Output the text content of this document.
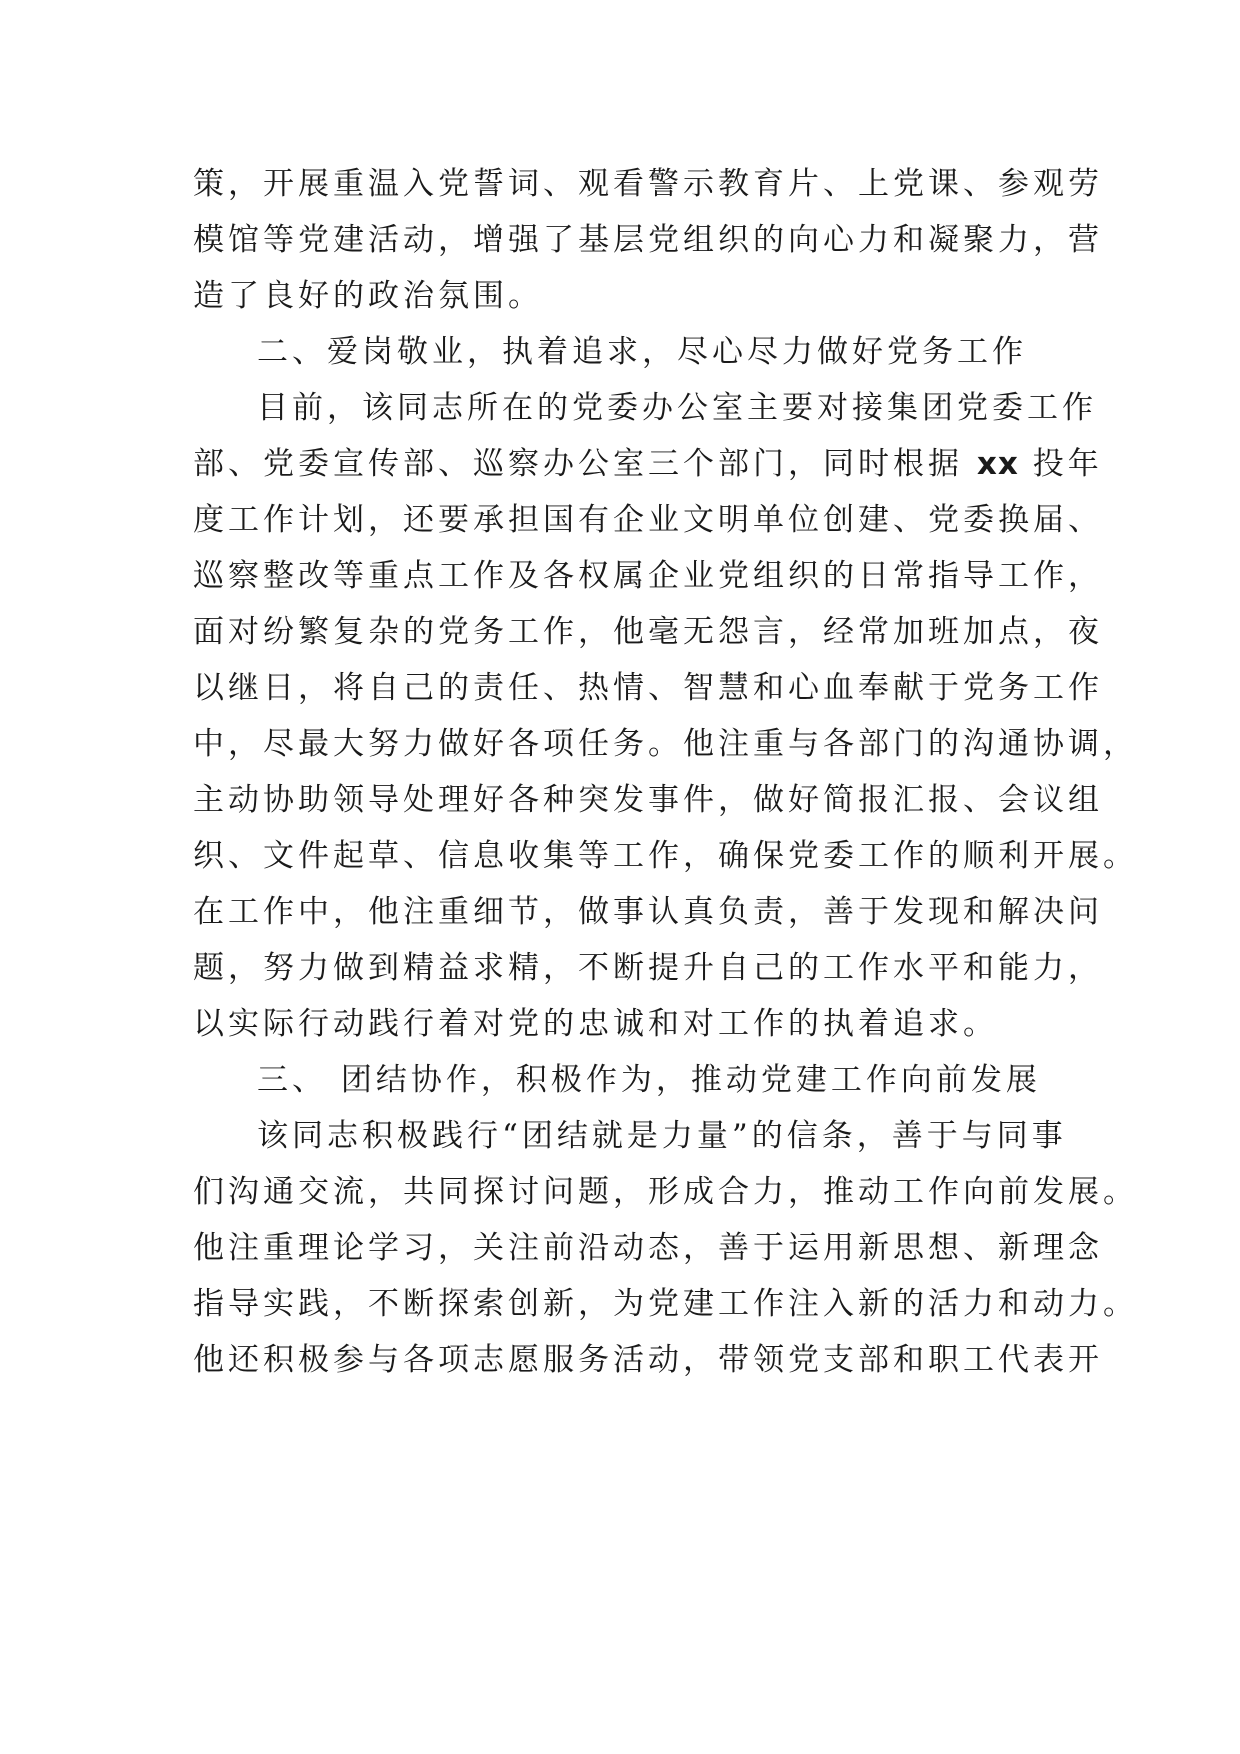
策，开展重温入党誓词、观看警示教育片、上党课、参观劳
模馆等党建活动，增强了基层党组织的向心力和凝聚力，营
造了良好的政治氛围。
二、爱岗敬业，执着追求，尽心尽力做好党务工作
目前，该同志所在的党委办公室主要对接集团党委工作
部、党委宣传部、巡察办公室三个部门，同时根据 xx 投年
度工作计划，还要承担国有企业文明单位创建、党委换届、
巡察整改等重点工作及各权属企业党组织的日常指导工作，
面对纷繁复杂的党务工作，他毫无怨言，经常加班加点，夜
以继日，将自己的责任、热情、智慧和心血奉献于党务工作
中，尽最大努力做好各项任务。他注重与各部门的沟通协调，
主动协助领导处理好各种突发事件，做好简报汇报、会议组
织、文件起草、信息收集等工作，确保党委工作的顺利开展。
在工作中，他注重细节，做事认真负责，善于发现和解决问
题，努力做到精益求精，不断提升自己的工作水平和能力，
以实际行动践行着对党的忠诚和对工作的执着追求。
三、 团结协作，积极作为，推动党建工作向前发展
该同志积极践行“团结就是力量”的信条，善于与同事
们沟通交流，共同探讨问题，形成合力，推动工作向前发展。
他注重理论学习，关注前沿动态，善于运用新思想、新理念
指导实践，不断探索创新，为党建工作注入新的活力和动力。
他还积极参与各项志愿服务活动，带领党支部和职工代表开
